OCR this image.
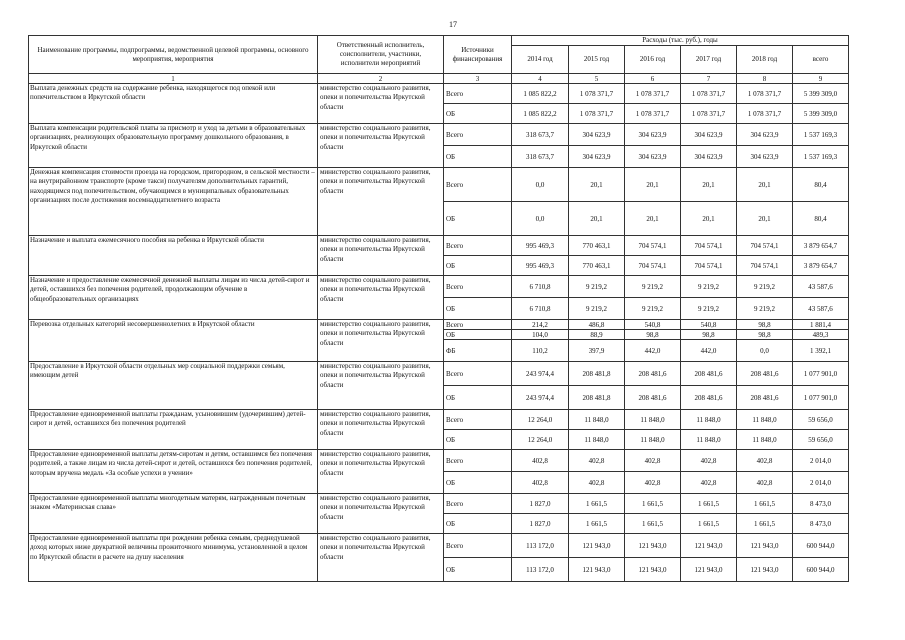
17
Наименование программы, подпрограммы, ведомственной целевой программы, основного мероприятия, мероприятия	Ответственный исполнитель, соисполнители, участники, исполнители мероприятий	Источники финансирования	Расходы (тыс. руб.), годы					
			2014 год	2015 год	2016 год	2017 год	2018 год	всего
1	2	3	4	5	6	7	8	9
Выплата денежных средств на содержание ребенка, находящегося под опекой или попечительством в Иркутской области	министерство социального развития, опеки и попечительства Иркутской области	Всего	1 085 822,2	1 078 371,7	1 078 371,7	1 078 371,7	1 078 371,7	5 399 309,0
		ОБ	1 085 822,2	1 078 371,7	1 078 371,7	1 078 371,7	1 078 371,7	5 399 309,0
Выплата компенсации родительской платы за присмотр и уход за детьми в образовательных организациях, реализующих образовательную программу дошкольного образования, в Иркутской области	министерство социального развития, опеки и попечительства Иркутской области	Всего	318 673,7	304 623,9	304 623,9	304 623,9	304 623,9	1 537 169,3
		ОБ	318 673,7	304 623,9	304 623,9	304 623,9	304 623,9	1 537 169,3
Денежная компенсация стоимости проезда на городском, пригородном, в сельской местности – на внутрирайонном транспорте (кроме такси) получателям дополнительных гарантий, находящимся под попечительством, обучающимся в муниципальных образовательных организациях после достижения восемнадцатилетнего возраста	министерство социального развития, опеки и попечительства Иркутской области	Всего	0,0	20,1	20,1	20,1	20,1	80,4
		ОБ	0,0	20,1	20,1	20,1	20,1	80,4
Назначение и выплата ежемесячного пособия на ребенка в Иркутской области	министерство социального развития, опеки и попечительства Иркутской области	Всего	995 469,3	770 463,1	704 574,1	704 574,1	704 574,1	3 879 654,7
		ОБ	995 469,3	770 463,1	704 574,1	704 574,1	704 574,1	3 879 654,7
Назначение и предоставление ежемесячной денежной выплаты лицам из числа детей-сирот и детей, оставшихся без попечения родителей, продолжающим обучение в общеобразовательных организациях	министерство социального развития, опеки и попечительства Иркутской области	Всего	6 710,8	9 219,2	9 219,2	9 219,2	9 219,2	43 587,6
		ОБ	6 710,8	9 219,2	9 219,2	9 219,2	9 219,2	43 587,6
Перевозка отдельных категорий несовершеннолетних в Иркутской области	министерство социального развития, опеки и попечительства Иркутской области	Всего	214,2	486,8	540,8	540,8	98,8	1 881,4
		ОБ	104,0	88,9	98,8	98,8	98,8	489,3
		ФБ	110,2	397,9	442,0	442,0	0,0	1 392,1
Предоставление в Иркутской области отдельных мер социальной поддержки семьям, имеющим детей	министерство социального развития, опеки и попечительства Иркутской области	Всего	243 974,4	208 481,8	208 481,6	208 481,6	208 481,6	1 077 901,0
		ОБ	243 974,4	208 481,8	208 481,6	208 481,6	208 481,6	1 077 901,0
Предоставление единовременной выплаты гражданам, усыновившим (удочерившим) детей-сирот и детей, оставшихся без попечения родителей	министерство социального развития, опеки и попечительства Иркутской области	Всего	12 264,0	11 848,0	11 848,0	11 848,0	11 848,0	59 656,0
		ОБ	12 264,0	11 848,0	11 848,0	11 848,0	11 848,0	59 656,0
Предоставление единовременной выплаты детям-сиротам и детям, оставшимся без попечения родителей, а также лицам из числа детей-сирот и детей, оставшихся без попечения родителей, которым вручена медаль «За особые успехи в учении»	министерство социального развития, опеки и попечительства Иркутской области	Всего	402,8	402,8	402,8	402,8	402,8	2 014,0
		ОБ	402,8	402,8	402,8	402,8	402,8	2 014,0
Предоставление единовременной выплаты многодетным матерям, награжденным почетным знаком «Материнская слава»	министерство социального развития, опеки и попечительства Иркутской области	Всего	1 827,0	1 661,5	1 661,5	1 661,5	1 661,5	8 473,0
		ОБ	1 827,0	1 661,5	1 661,5	1 661,5	1 661,5	8 473,0
Предоставление единовременной выплаты при рождении ребенка семьям, среднедушевой доход которых ниже двукратной величины прожиточного минимума, установленной в целом по Иркутской области в расчете на душу населения	министерство социального развития, опеки и попечительства Иркутской области	Всего	113 172,0	121 943,0	121 943,0	121 943,0	121 943,0	600 944,0
		ОБ	113 172,0	121 943,0	121 943,0	121 943,0	121 943,0	600 944,0
